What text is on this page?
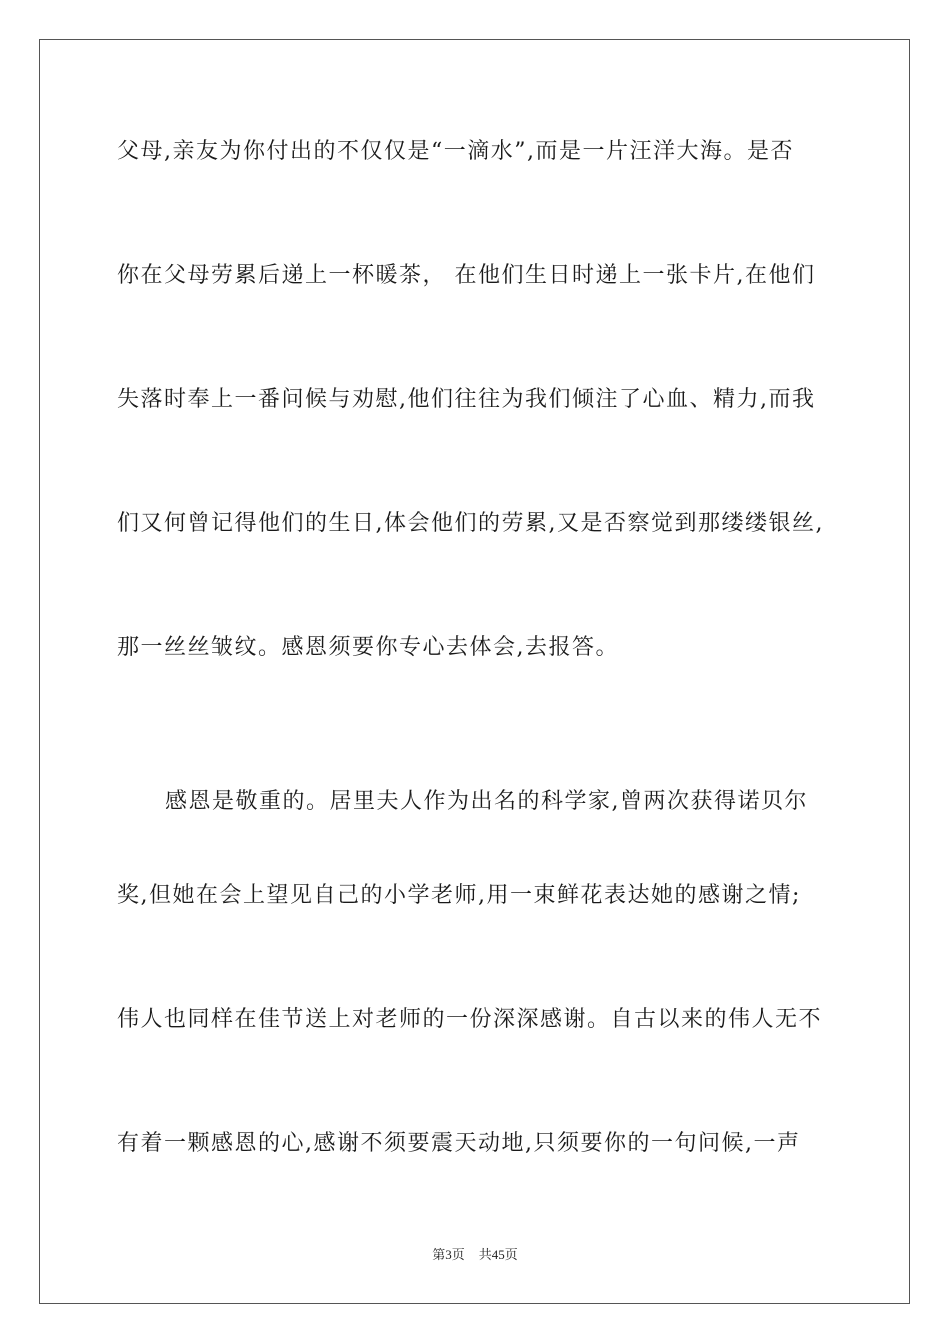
父母,亲友为你付出的不仅仅是“一滴水”,而是一片汪洋大海。是否
你在父母劳累后递上一杯暖茶， 在他们生日时递上一张卡片,在他们
失落时奉上一番问候与劝慰,他们往往为我们倾注了心血、精力,而我
们又何曾记得他们的生日,体会他们的劳累,又是否察觉到那缕缕银丝,
那一丝丝皱纹。感恩须要你专心去体会,去报答。
感恩是敬重的。居里夫人作为出名的科学家,曾两次获得诺贝尔
奖,但她在会上望见自己的小学老师,用一束鲜花表达她的感谢之情;
伟人也同样在佳节送上对老师的一份深深感谢。自古以来的伟人无不
有着一颗感恩的心,感谢不须要震天动地,只须要你的一句问候,一声
第3页 共45页
